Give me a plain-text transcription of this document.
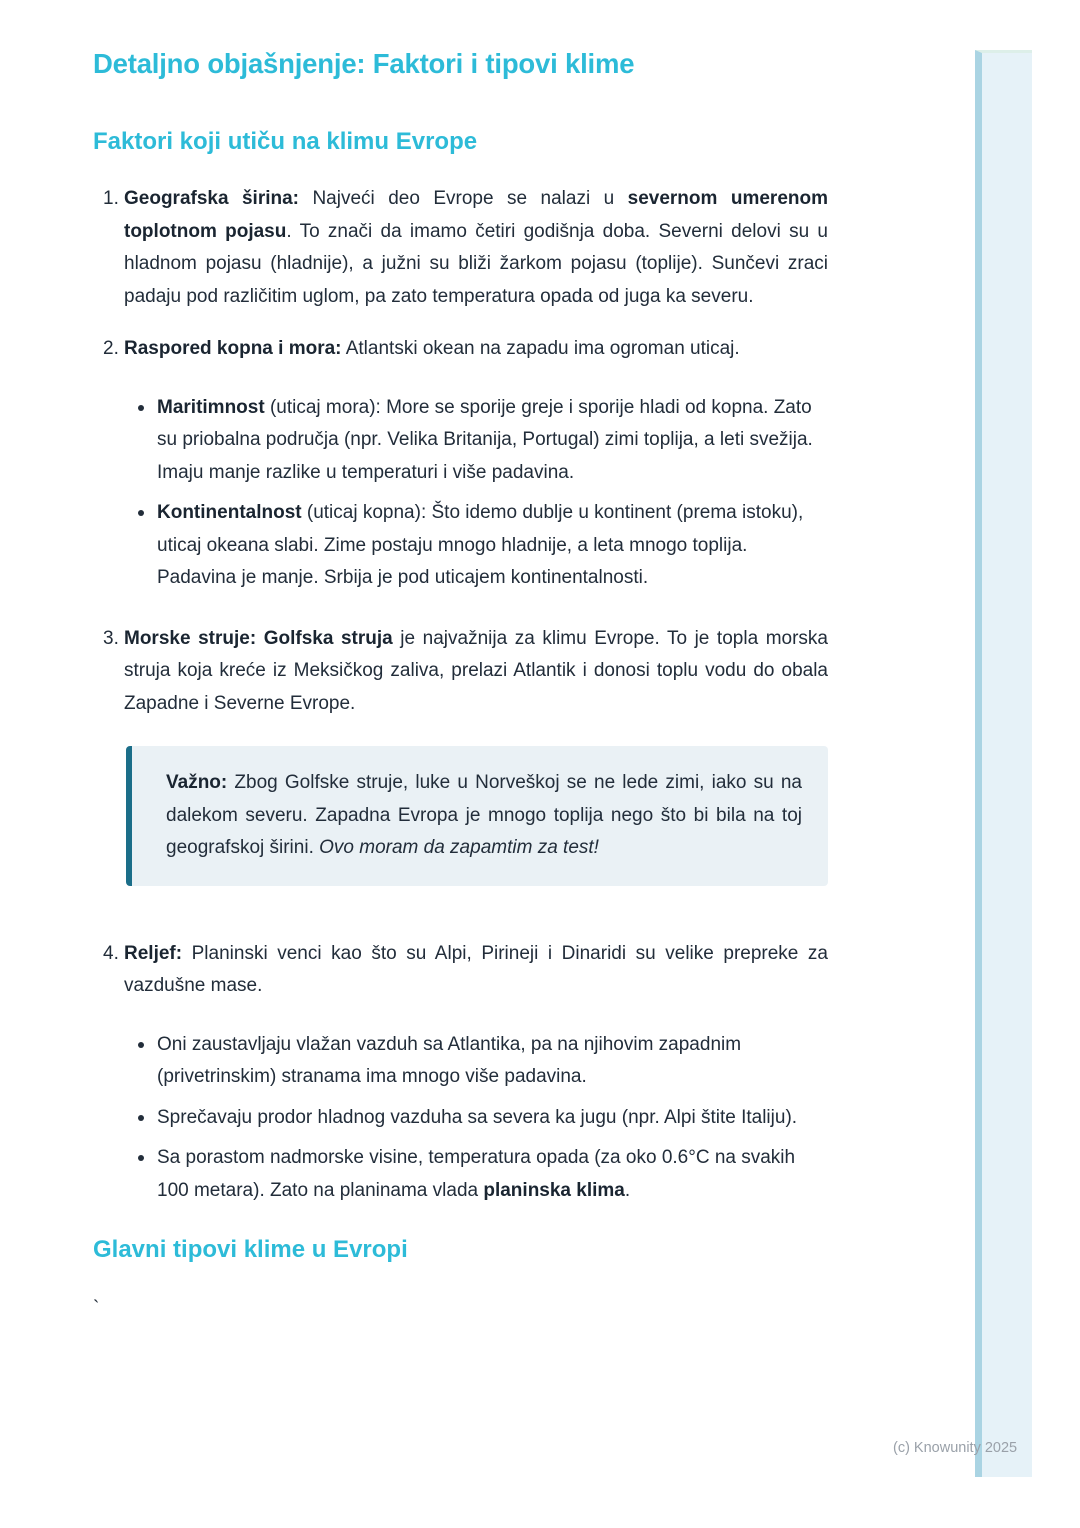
Detaljno objašnjenje: Faktori i tipovi klime
Faktori koji utiču na klimu Evrope
1. Geografska širina: Najveći deo Evrope se nalazi u severnom umerenom toplotnom pojasu. To znači da imamo četiri godišnja doba. Severni delovi su u hladnom pojasu (hladnije), a južni su bliži žarkom pojasu (toplije). Sunčevi zraci padaju pod različitim uglom, pa zato temperatura opada od juga ka severu.

2. Raspored kopna i mora: Atlantski okean na zapadu ima ogroman uticaj.

Maritimnost (uticaj mora): More se sporije greje i sporije hladi od kopna. Zato su priobalna područja (npr. Velika Britanija, Portugal) zimi toplija, a leti svežija. Imaju manje razlike u temperaturi i više padavina.

Kontinentalnost (uticaj kopna): Što idemo dublje u kontinent (prema istoku), uticaj okeana slabi. Zime postaju mnogo hladnije, a leta mnogo toplija. Padavina je manje. Srbija je pod uticajem kontinentalnosti.

3. Morske struje: Golfska struja je najvažnija za klimu Evrope. To je topla morska struja koja kreće iz Meksičkog zaliva, prelazi Atlantik i donosi toplu vodu do obala Zapadne i Severne Evrope.

Važno: Zbog Golfske struje, luke u Norveškoj se ne lede zimi, iako su na dalekom severu. Zapadna Evropa je mnogo toplija nego što bi bila na toj geografskoj širini. Ovo moram da zapamtim za test!

4. Reljef: Planinski venci kao što su Alpi, Pirineji i Dinaridi su velike prepreke za vazdušne mase.

Oni zaustavljaju vlažan vazduh sa Atlantika, pa na njihovim zapadnim (privetrinskim) stranama ima mnogo više padavina.

Sprečavaju prodor hladnog vazduha sa severa ka jugu (npr. Alpi štite Italiju).

Sa porastom nadmorske visine, temperatura opada (za oko 0.6°C na svakih 100 metara). Zato na planinama vlada planinska klima.

Glavni tipovi klime u Evropi

`

(c) Knowunity 2025
